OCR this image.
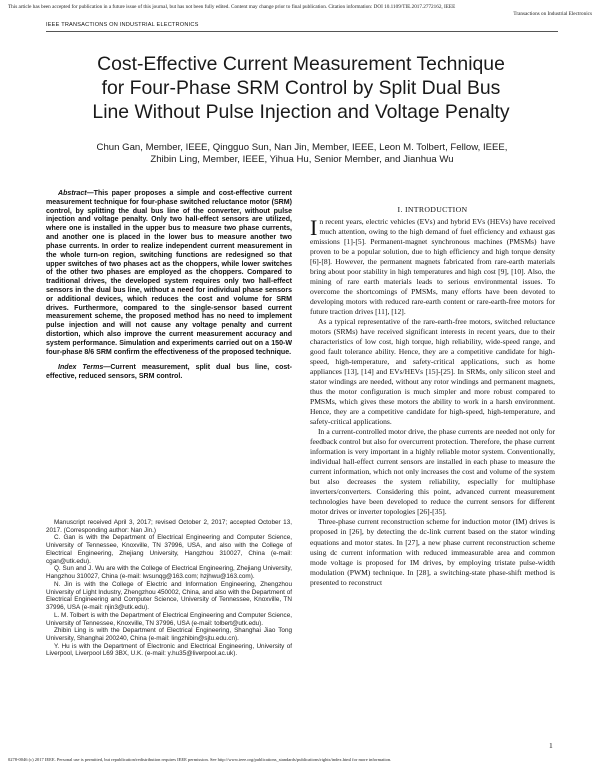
This article has been accepted for publication in a future issue of this journal, but has not been fully edited. Content may change prior to final publication. Citation information: DOI 10.1109/TIE.2017.2772162, IEEE
Transactions on Industrial Electronics
IEEE TRANSACTIONS ON INDUSTRIAL ELECTRONICS
Cost-Effective Current Measurement Technique
for Four-Phase SRM Control by Split Dual Bus
Line Without Pulse Injection and Voltage Penalty
Chun Gan, Member, IEEE, Qingguo Sun, Nan Jin, Member, IEEE, Leon M. Tolbert, Fellow, IEEE,
Zhibin Ling, Member, IEEE, Yihua Hu, Senior Member, and Jianhua Wu

Abstract—This paper proposes a simple and cost-effective current measurement technique for four-phase switched reluctance motor (SRM) control, by splitting the dual bus line of the converter, without pulse injection and voltage penalty. Only two hall-effect sensors are utilized, where one is installed in the upper bus to measure two phase currents, and another one is placed in the lower bus to measure another two phase currents. In order to realize independent current measurement in the whole turn-on region, switching functions are redesigned so that upper switches of two phases act as the choppers, while lower switches of the other two phases are employed as the choppers. Compared to traditional drives, the developed system requires only two hall-effect sensors in the dual bus line, without a need for individual phase sensors or additional devices, which reduces the cost and volume for SRM drives. Furthermore, compared to the single-sensor based current measurement scheme, the proposed method has no need to implement pulse injection and will not cause any voltage penalty and current distortion, which also improve the current measurement accuracy and system performance. Simulation and experiments carried out on a 150-W four-phase 8/6 SRM confirm the effectiveness of the proposed technique.

Index Terms—Current measurement, split dual bus line, cost-effective, reduced sensors, SRM control.

Manuscript received April 3, 2017; revised October 2, 2017; accepted October 13, 2017. (Corresponding author: Nan Jin.)

C. Gan is with the Department of Electrical Engineering and Computer Science, University of Tennessee, Knoxville, TN 37996, USA, and also with the College of Electrical Engineering, Zhejiang University, Hangzhou 310027, China (e-mail: cgan@utk.edu).

Q. Sun and J. Wu are with the College of Electrical Engineering, Zhejiang University, Hangzhou 310027, China (e-mail: lwsunqg@163.com; hzjhwu@163.com).

N. Jin is with the College of Electric and Information Engineering, Zhengzhou University of Light Industry, Zhengzhou 450002, China, and also with the Department of Electrical Engineering and Computer Science, University of Tennessee, Knoxville, TN 37996, USA (e-mail: njin3@utk.edu).

L. M. Tolbert is with the Department of Electrical Engineering and Computer Science, University of Tennessee, Knoxville, TN 37996, USA (e-mail: tolbert@utk.edu).

Zhibin Ling is with the Department of Electrical Engineering, Shanghai Jiao Tong University, Shanghai 200240, China (e-mail: lingzhibin@sjtu.edu.cn).

Y. Hu is with the Department of Electronic and Electrical Engineering, University of Liverpool, Liverpool L69 3BX, U.K. (e-mail: y.hu35@liverpool.ac.uk).

I. INTRODUCTION

In recent years, electric vehicles (EVs) and hybrid EVs (HEVs) have received much attention, owing to the high demand of fuel efficiency and exhaust gas emissions [1]-[5]. Permanent-magnet synchronous machines (PMSMs) have proven to be a popular solution, due to high efficiency and high torque density [6]-[8]. However, the permanent magnets fabricated from rare-earth materials bring about poor stability in high temperatures and high cost [9], [10]. Also, the mining of rare earth materials leads to serious environmental issues. To overcome the shortcomings of PMSMs, many efforts have been devoted to developing motors with reduced rare-earth content or rare-earth-free motors for future traction drives [11], [12].

As a typical representative of the rare-earth-free motors, switched reluctance motors (SRMs) have received significant interests in recent years, due to their characteristics of low cost, high torque, high reliability, wide-speed range, and good fault tolerance ability. Hence, they are a competitive candidate for high-speed, high-temperature, and safety-critical applications, such as home appliances [13], [14] and EVs/HEVs [15]-[25]. In SRMs, only silicon steel and stator windings are needed, without any rotor windings and permanent magnets, thus the motor configuration is much simpler and more robust compared to PMSMs, which gives these motors the ability to work in a harsh environment. Hence, they are a competitive candidate for high-speed, high-temperature, and safety-critical applications.

In a current-controlled motor drive, the phase currents are needed not only for feedback control but also for overcurrent protection. Therefore, the phase current information is very important in a highly reliable motor system. Conventionally, individual hall-effect current sensors are installed in each phase to measure the current information, which not only increases the cost and volume of the system but also decreases the system reliability, especially for multiphase inverters/converters. Considering this point, advanced current measurement technologies have been developed to reduce the current sensors for different motor drives or inverter topologies [26]-[35].

Three-phase current reconstruction scheme for induction motor (IM) drives is proposed in [26], by detecting the dc-link current based on the stator winding equations and motor states. In [27], a new phase current reconstruction scheme using dc current information with reduced immeasurable area and common mode voltage is proposed for IM drives, by employing tristate pulse-width modulation (PWM) technique. In [28], a switching-state phase-shift method is presented to reconstruct

1
0278-0046 (c) 2017 IEEE. Personal use is permitted, but republication/redistribution requires IEEE permission. See http://www.ieee.org/publications_standards/publications/rights/index.html for more information.
